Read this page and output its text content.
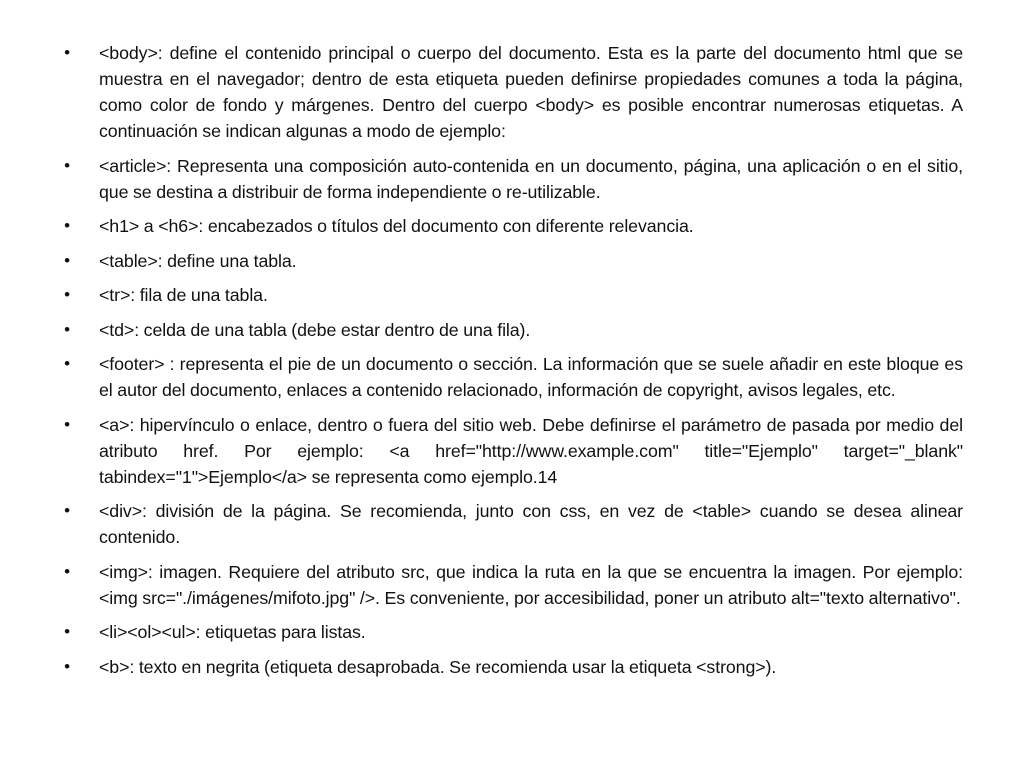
• <body>: define el contenido principal o cuerpo del documento. Esta es la parte del documento html que se muestra en el navegador; dentro de esta etiqueta pueden definirse propiedades comunes a toda la página, como color de fondo y márgenes. Dentro del cuerpo <body> es posible encontrar numerosas etiquetas. A continuación se indican algunas a modo de ejemplo:
• <article>: Representa una composición auto-contenida en un documento, página, una aplicación o en el sitio, que se destina a distribuir de forma independiente o re-utilizable.
• <h1> a <h6>: encabezados o títulos del documento con diferente relevancia.
• <table>: define una tabla.
• <tr>: fila de una tabla.
• <td>: celda de una tabla (debe estar dentro de una fila).
• <footer> : representa el pie de un documento o sección. La información que se suele añadir en este bloque es el autor del documento, enlaces a contenido relacionado, información de copyright, avisos legales, etc.
• <a>: hipervínculo o enlace, dentro o fuera del sitio web. Debe definirse el parámetro de pasada por medio del atributo href. Por ejemplo: <a href="http://www.example.com" title="Ejemplo" target="_blank" tabindex="1">Ejemplo</a> se representa como ejemplo.14
• <div>: división de la página. Se recomienda, junto con css, en vez de <table> cuando se desea alinear contenido.
• <img>: imagen. Requiere del atributo src, que indica la ruta en la que se encuentra la imagen. Por ejemplo: <img src="./imágenes/mifoto.jpg" />. Es conveniente, por accesibilidad, poner un atributo alt="texto alternativo".
• <li><ol><ul>: etiquetas para listas.
• <b>: texto en negrita (etiqueta desaprobada. Se recomienda usar la etiqueta <strong>).
